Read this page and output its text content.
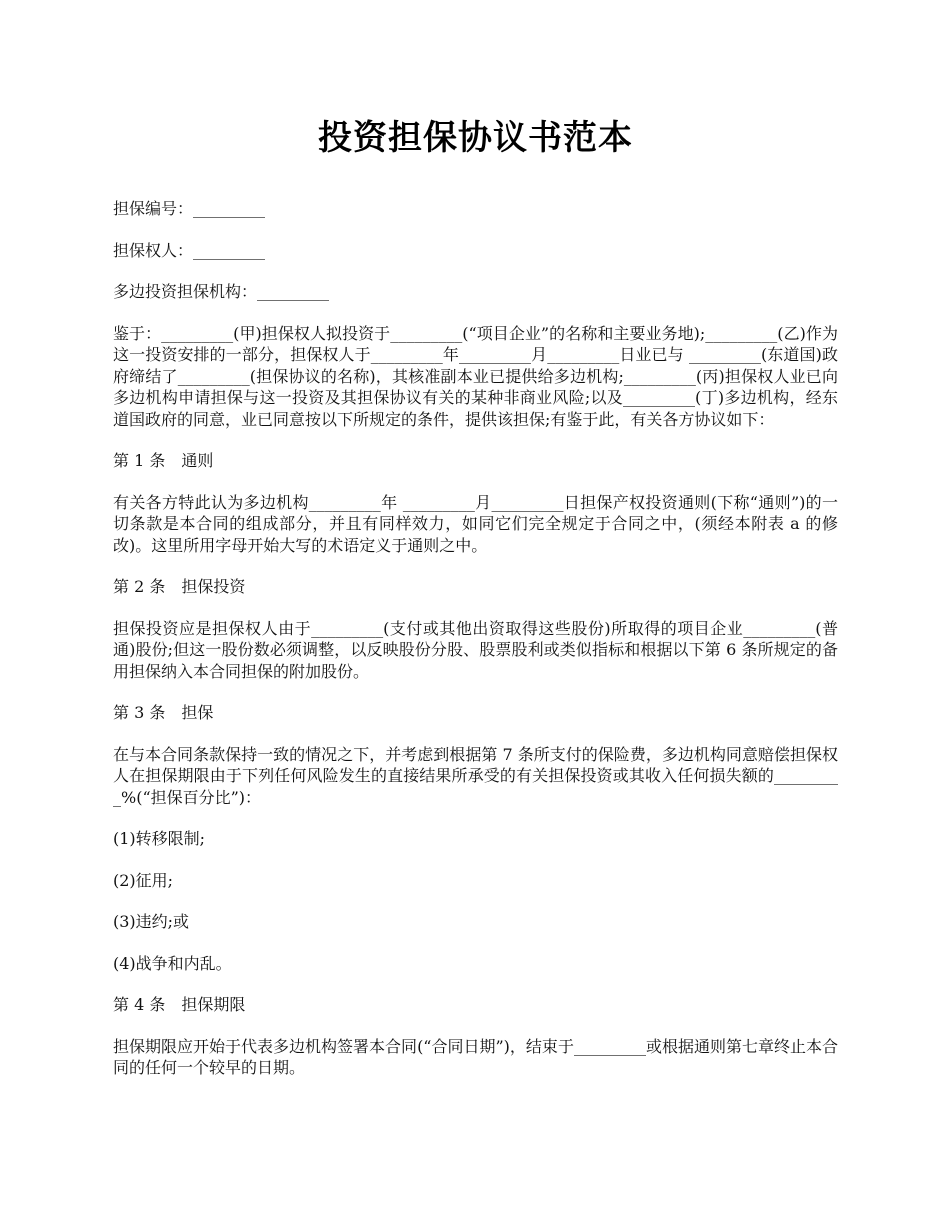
投资担保协议书范本

担保编号：_________

担保权人：_________

多边投资担保机构：_________

鉴于：_________(甲)担保权人拟投资于_________(“项目企业”的名称和主要业务地);_________(乙)作为这一投资安排的一部分，担保权人于_________年_________月_________日业已与 _________(东道国)政府缔结了_________(担保协议的名称)，其核准副本业已提供给多边机构;_________(丙)担保权人业已向多边机构申请担保与这一投资及其担保协议有关的某种非商业风险;以及_________(丁)多边机构，经东道国政府的同意，业已同意按以下所规定的条件，提供该担保;有鉴于此，有关各方协议如下：

第 1 条　通则

有关各方特此认为多边机构_________年 _________月_________日担保产权投资通则(下称“通则”)的一切条款是本合同的组成部分，并且有同样效力，如同它们完全规定于合同之中，(须经本附表 a 的修改)。这里所用字母开始大写的术语定义于通则之中。

第 2 条　担保投资

担保投资应是担保权人由于_________(支付或其他出资取得这些股份)所取得的项目企业_________(普通)股份;但这一股份数必须调整，以反映股份分股、股票股利或类似指标和根据以下第 6 条所规定的备用担保纳入本合同担保的附加股份。

第 3 条　担保

在与本合同条款保持一致的情况之下，并考虑到根据第 7 条所支付的保险费，多边机构同意赔偿担保权人在担保期限由于下列任何风险发生的直接结果所承受的有关担保投资或其收入任何损失额的_________%(“担保百分比”)：

(1)转移限制;

(2)征用;

(3)违约;或

(4)战争和内乱。

第 4 条　担保期限

担保期限应开始于代表多边机构签署本合同(“合同日期”)，结束于_________或根据通则第七章终止本合同的任何一个较早的日期。
